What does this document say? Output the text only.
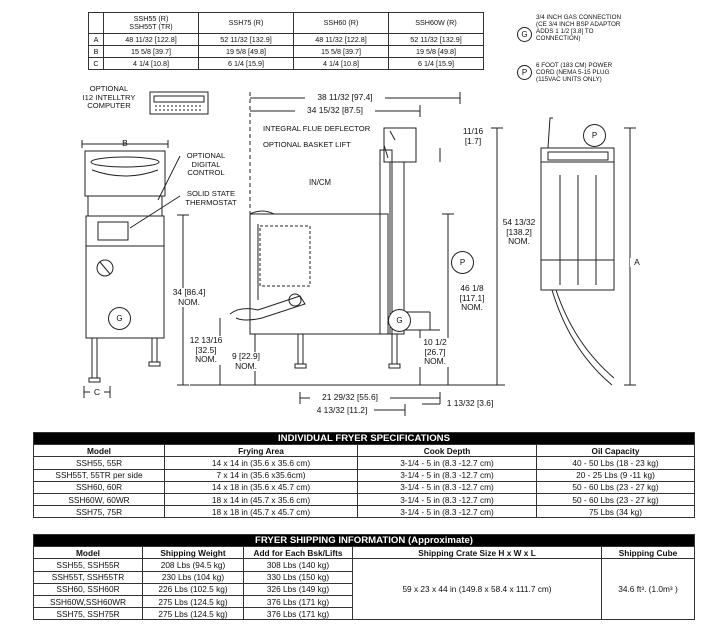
	SSH55 (R)
SSH55T (TR)	SSH75 (R)	SSH60 (R)	SSH60W (R)
A	48 11/32 [122.8]	52 11/32 [132.9]	48 11/32 [122.8]	52 11/32 [132.9]
B	15 5/8 [39.7]	19 5/8 [49.8]	15 5/8 [39.7]	19 5/8 [49.8]
C	4 1/4 [10.8]	6 1/4 [15.9]	4 1/4 [10.8]	6 1/4 [15.9]
G
3/4 INCH GAS CONNECTION
(CE 3/4 INCH BSP ADAPTOR
ADDS 1 1/2 [3.8] TO
CONNECTION)
P
6 FOOT (183 CM) POWER
CORD (NEMA 5-15 PLUG
(115VAC UNITS ONLY)
G	G
P
P
OPTIONAL
I12 INTELLTRY
COMPUTER
B
OPTIONAL
DIGITAL
CONTROL
SOLID STATE
THERMOSTAT
34 [86.4]
NOM.
C
38 11/32 [97.4]
34 15/32 [87.5]
INTEGRAL FLUE DEFLECTOR
OPTIONAL BASKET LIFT
IN/CM
11/16
[1.7]
54 13/32
[138.2]
NOM.
46 1/8
[117.1]
NOM.
12 13/16
[32.5]
NOM.	9 [22.9]
NOM.
10 1/2
[26.7]
NOM.
21 29/32 [55.6]
4 13/32 [11.2]
1 13/32 [3.6]
A
INDIVIDUAL FRYER SPECIFICATIONS			
Model	Frying Area	Cook Depth	Oil Capacity
SSH55, 55R	14 x 14 in (35.6 x 35.6 cm)	3-1/4 - 5 in (8.3 -12.7 cm)	40 - 50 Lbs (18 - 23 kg)
SSH55T, 55TR per side	7 x 14 in (35.6 x35.6cm)	3-1/4 - 5 in (8.3 -12.7 cm)	20 - 25 Lbs (9 -11 kg)
SSH60, 60R	14 x 18 in (35.6 x 45.7 cm)	3-1/4 - 5 in (8.3 -12.7 cm)	50 - 60 Lbs (23 - 27 kg)
SSH60W, 60WR	18 x 14 in (45.7 x 35.6 cm)	3-1/4 - 5 in (8.3 -12.7 cm)	50 - 60 Lbs (23 - 27 kg)
SSH75, 75R	18 x 18 in (45.7 x 45.7 cm)	3-1/4 - 5 in (8.3 -12.7 cm)	75 Lbs (34 kg)
FRYER SHIPPING INFORMATION (Approximate)				
Model	Shipping Weight	Add for Each Bsk/Lifts	Shipping Crate Size H x W x L	Shipping Cube
SSH55, SSH55R	208 Lbs (94.5 kg)	308 Lbs (140 kg)	59 x 23 x 44 in (149.8 x 58.4 x 111.7 cm)	34.6 ft³. (1.0m³ )
SSH55T, SSH55TR	230 Lbs (104 kg)	330 Lbs (150 kg)		
SSH60, SSH60R	226 Lbs (102.5 kg)	326 Lbs (149 kg)		
SSH60W,SSH60WR	275 Lbs (124.5 kg)	376 Lbs (171 kg)		
SSH75, SSH75R	275 Lbs (124.5 kg)	376 Lbs (171 kg)		
